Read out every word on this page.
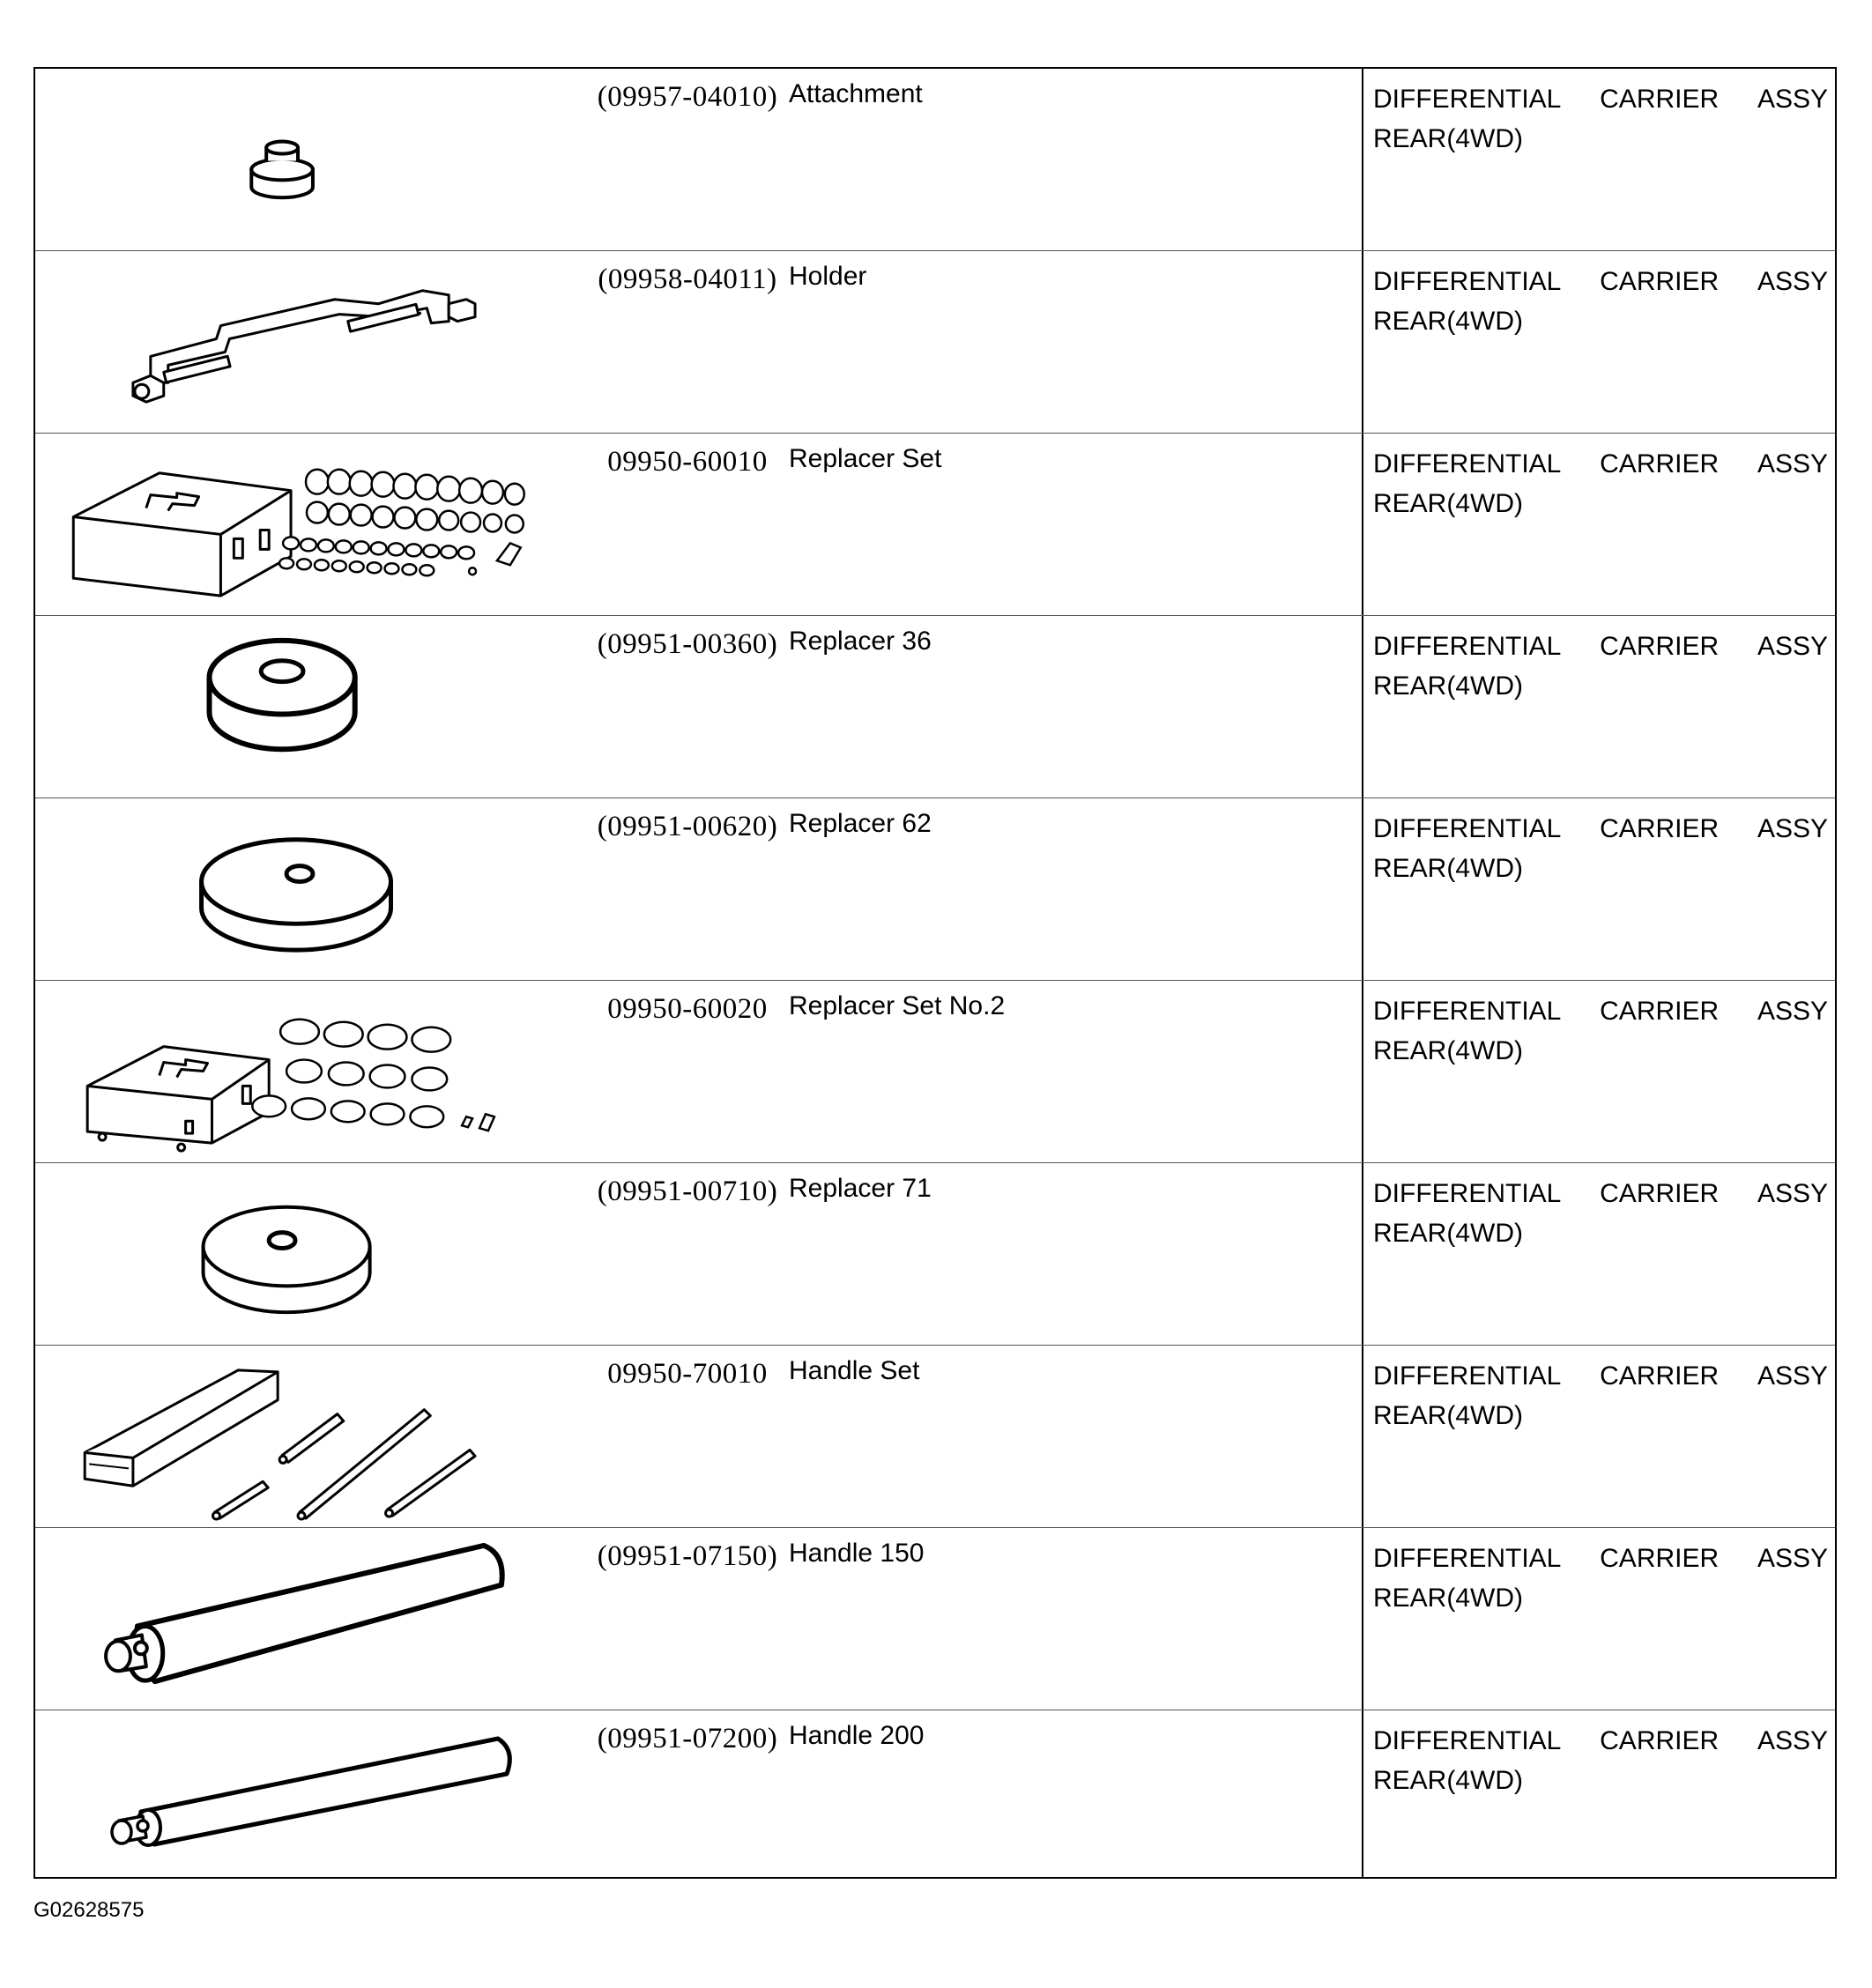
(09957-04010) Attachment	DIFFERENTIAL CARRIER ASSY
REAR(4WD)
(09958-04011) Holder	DIFFERENTIAL CARRIER ASSY
REAR(4WD)
09950-60010 Replacer Set	DIFFERENTIAL CARRIER ASSY
REAR(4WD)
(09951-00360) Replacer 36	DIFFERENTIAL CARRIER ASSY
REAR(4WD)
(09951-00620) Replacer 62	DIFFERENTIAL CARRIER ASSY
REAR(4WD)
09950-60020 Replacer Set No.2	DIFFERENTIAL CARRIER ASSY
REAR(4WD)
(09951-00710) Replacer 71	DIFFERENTIAL CARRIER ASSY
REAR(4WD)
09950-70010 Handle Set	DIFFERENTIAL CARRIER ASSY
REAR(4WD)
(09951-07150) Handle 150	DIFFERENTIAL CARRIER ASSY
REAR(4WD)
(09951-07200) Handle 200	DIFFERENTIAL CARRIER ASSY
REAR(4WD)
G02628575
